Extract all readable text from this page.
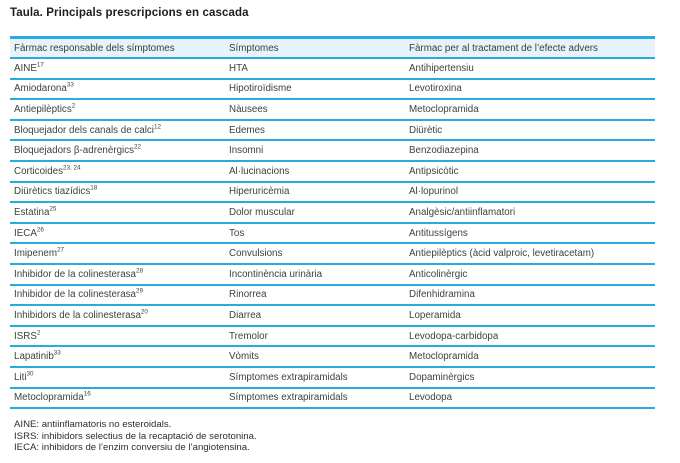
Taula. Principals prescripcions en cascada
Fàrmac responsable dels símptomes	Símptomes	Fàrmac per al tractament de l’efecte advers
AINE$^{17}$	HTA	Antihipertensiu
Amiodarona$^{33}$	Hipotiroïdisme	Levotiroxina
Antiepilèptics$^2$	Nàusees	Metoclopramida
Bloquejador dels canals de calci$^{12}$	Edemes	Diürètic
Bloquejadors β-adrenèrgics$^{22}$	Insomni	Benzodiazepina
Corticoides$^{23, 24}$	Al·lucinacions	Antipsicòtic
Diürètics tiazídics$^{18}$	Hiperuricèmia	Al·lopurinol
Estatina$^{25}$	Dolor muscular	Analgèsic/antiinflamatori
IECA$^{26}$	Tos	Antitussígens
Imipenem$^{27}$	Convulsions	Antiepilèptics (àcid valproic, levetiracetam)
Inhibidor de la colinesterasa$^{28}$	Incontinència urinària	Anticolinèrgic
Inhibidor de la colinesterasa$^{29}$	Rinorrea	Difenhidramina
Inhibidors de la colinesterasa$^{20}$	Diarrea	Loperamida
ISRS$^2$	Tremolor	Levodopa-carbidopa
Lapatinib$^{33}$	Vòmits	Metoclopramida
Liti$^{30}$	Símptomes extrapiramidals	Dopaminèrgics
Metoclopramida$^{16}$	Símptomes extrapiramidals	Levodopa
AINE: antiinflamatoris no esteroidals.
ISRS: inhibidors selectius de la recaptació de serotonina.
IECA: inhibidors de l’enzim conversiu de l’angiotensina.
